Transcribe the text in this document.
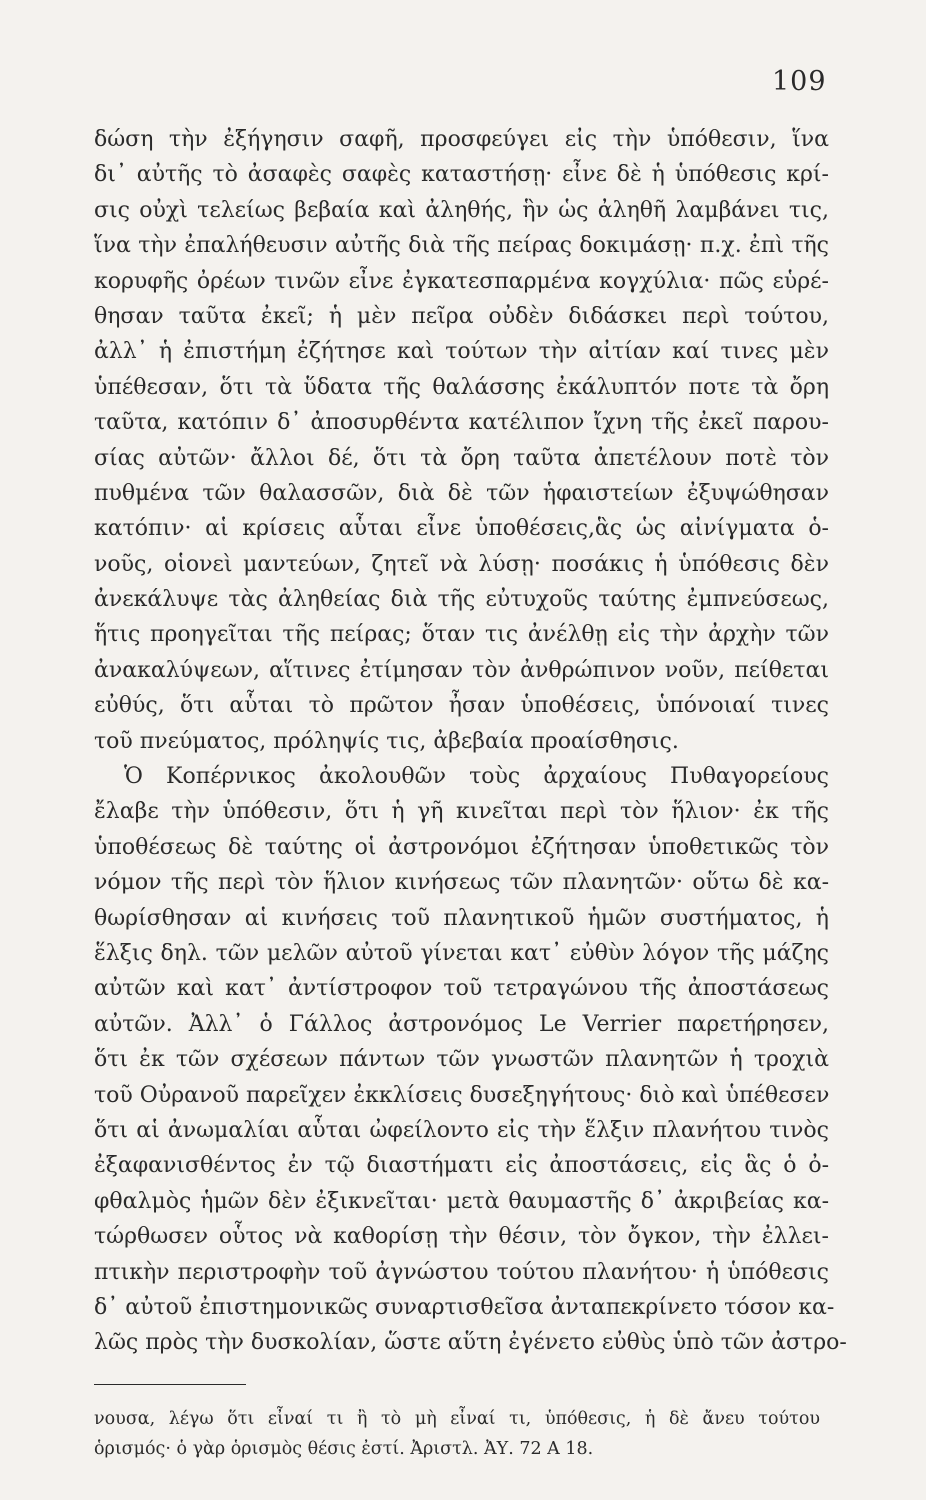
109
δώση τὴν ἐξήγησιν σαφῆ, προσφεύγει εἰς τὴν ὑπόθεσιν, ἵνα
δι᾽ αὐτῆς τὸ ἀσαφὲς σαφὲς καταστήσῃ· εἶνε δὲ ἡ ὑπόθεσις κρί-
σις οὐχὶ τελείως βεβαία καὶ ἀληθής, ἣν ὡς ἀληθῆ λαμβάνει τις,
ἵνα τὴν ἐπαλήθευσιν αὐτῆς διὰ τῆς πείρας δοκιμάσῃ· π.χ. ἐπὶ τῆς
κορυφῆς ὀρέων τινῶν εἶνε ἐγκατεσπαρμένα κογχύλια· πῶς εὑρέ-
θησαν ταῦτα ἐκεῖ; ἡ μὲν πεῖρα οὐδὲν διδάσκει περὶ τούτου,
ἀλλ᾽ ἡ ἐπιστήμη ἐζήτησε καὶ τούτων τὴν αἰτίαν καί τινες μὲν
ὑπέθεσαν, ὅτι τὰ ὕδατα τῆς θαλάσσης ἐκάλυπτόν ποτε τὰ ὄρη
ταῦτα, κατόπιν δ᾽ ἀποσυρθέντα κατέλιπον ἴχνη τῆς ἐκεῖ παρου-
σίας αὐτῶν· ἄλλοι δέ, ὅτι τὰ ὄρη ταῦτα ἀπετέλουν ποτὲ τὸν
πυθμένα τῶν θαλασσῶν, διὰ δὲ τῶν ἡφαιστείων ἐξυψώθησαν
κατόπιν· αἱ κρίσεις αὗται εἶνε ὑποθέσεις,ἃς ὡς αἰνίγματα ὁ-
νοῦς, οἱονεὶ μαντεύων, ζητεῖ νὰ λύσῃ· ποσάκις ἡ ὑπόθεσις δὲν
ἀνεκάλυψε τὰς ἀληθείας διὰ τῆς εὐτυχοῦς ταύτης ἐμπνεύσεως,
ἥτις προηγεῖται τῆς πείρας; ὅταν τις ἀνέλθῃ εἰς τὴν ἀρχὴν τῶν
ἀνακαλύψεων, αἵτινες ἐτίμησαν τὸν ἀνθρώπινον νοῦν, πείθεται
εὐθύς, ὅτι αὗται τὸ πρῶτον ἦσαν ὑποθέσεις, ὑπόνοιαί τινες
τοῦ πνεύματος, πρόληψίς τις, ἀβεβαία προαίσθησις.
Ὁ Κοπέρνικος ἀκολουθῶν τοὺς ἀρχαίους Πυθαγορείους
ἔλαβε τὴν ὑπόθεσιν, ὅτι ἡ γῆ κινεῖται περὶ τὸν ἥλιον· ἐκ τῆς
ὑποθέσεως δὲ ταύτης οἱ ἀστρονόμοι ἐζήτησαν ὑποθετικῶς τὸν
νόμον τῆς περὶ τὸν ἥλιον κινήσεως τῶν πλανητῶν· οὕτω δὲ κα-
θωρίσθησαν αἱ κινήσεις τοῦ πλανητικοῦ ἡμῶν συστήματος, ἡ
ἕλξις δηλ. τῶν μελῶν αὐτοῦ γίνεται κατ᾽ εὐθὺν λόγον τῆς μάζης
αὐτῶν καὶ κατ᾽ ἀντίστροφον τοῦ τετραγώνου τῆς ἀποστάσεως
αὐτῶν. Ἀλλ᾽ ὁ Γάλλος ἀστρονόμος Le Verrier παρετήρησεν,
ὅτι ἐκ τῶν σχέσεων πάντων τῶν γνωστῶν πλανητῶν ἡ τροχιὰ
τοῦ Οὐρανοῦ παρεῖχεν ἐκκλίσεις δυσεξηγήτους· διὸ καὶ ὑπέθεσεν
ὅτι αἱ ἀνωμαλίαι αὗται ὠφείλοντο εἰς τὴν ἕλξιν πλανήτου τινὸς
ἐξαφανισθέντος ἐν τῷ διαστήματι εἰς ἀποστάσεις, εἰς ἃς ὁ ὀ-
φθαλμὸς ἡμῶν δὲν ἐξικνεῖται· μετὰ θαυμαστῆς δ᾽ ἀκριβείας κα-
τώρθωσεν οὗτος νὰ καθορίσῃ τὴν θέσιν, τὸν ὄγκον, τὴν ἐλλει-
πτικὴν περιστροφὴν τοῦ ἀγνώστου τούτου πλανήτου· ἡ ὑπόθεσις
δ᾽ αὐτοῦ ἐπιστημονικῶς συναρτισθεῖσα ἀνταπεκρίνετο τόσον κα-
λῶς πρὸς τὴν δυσκολίαν, ὥστε αὕτη ἐγένετο εὐθὺς ὑπὸ τῶν ἀστρο-
νουσα, λέγω ὅτι εἶναί τι ἢ τὸ μὴ εἶναί τι, ὑπόθεσις, ἡ δὲ ἄνευ τούτου
ὁρισμός· ὁ γὰρ ὁρισμὸς θέσις ἐστί. Ἀριστλ. ἈΥ. 72 Α 18.
